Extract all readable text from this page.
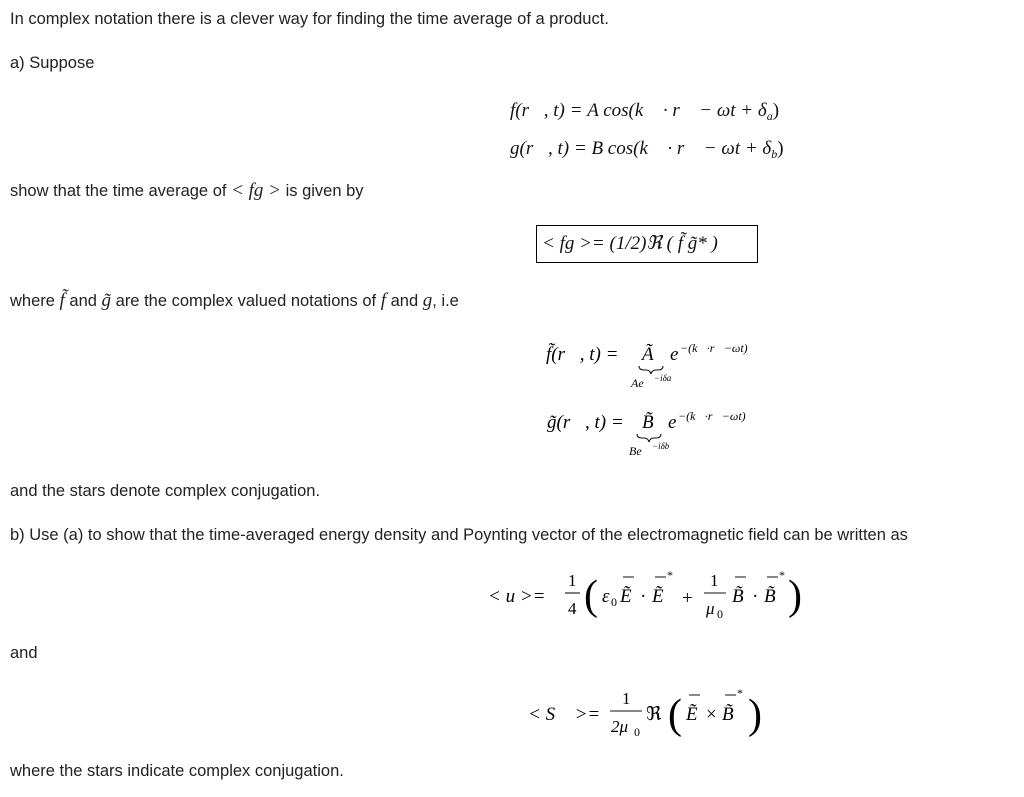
In complex notation there is a clever way for finding the time average of a product.
a) Suppose
f(r⃗, t) = A cos(k⃗ · r⃗ − $\omega t + \delta_a$)
g(r⃗, t) = B cos(k⃗ · r⃗ − $\omega t + \delta_b$)
show that the time average of < fg > is given by
< fg >= (1/2)ℜ ( f̃ g̃* )
where f̃ and g̃ are the complex valued notations of f and g, i.e
f̃(r⃗, t) = Ã e −(k⃗·r⃗−ωt)
Ae −iδa
g̃(r⃗, t) = B̃ e −(k⃗·r⃗−ωt)
Be −iδb
and the stars denote complex conjugation.
b) Use (a) to show that the time-averaged energy density and Poynting vector of the electromagnetic field can be written as
< u >=
1
4 ( ε 0 Ẽ · Ẽ
*
+
1
μ 0
B̃ · B̃
* )
and
< S⃗ >=
1
2μ 0
ℜ ( Ẽ × B̃
* )
where the stars indicate complex conjugation.
